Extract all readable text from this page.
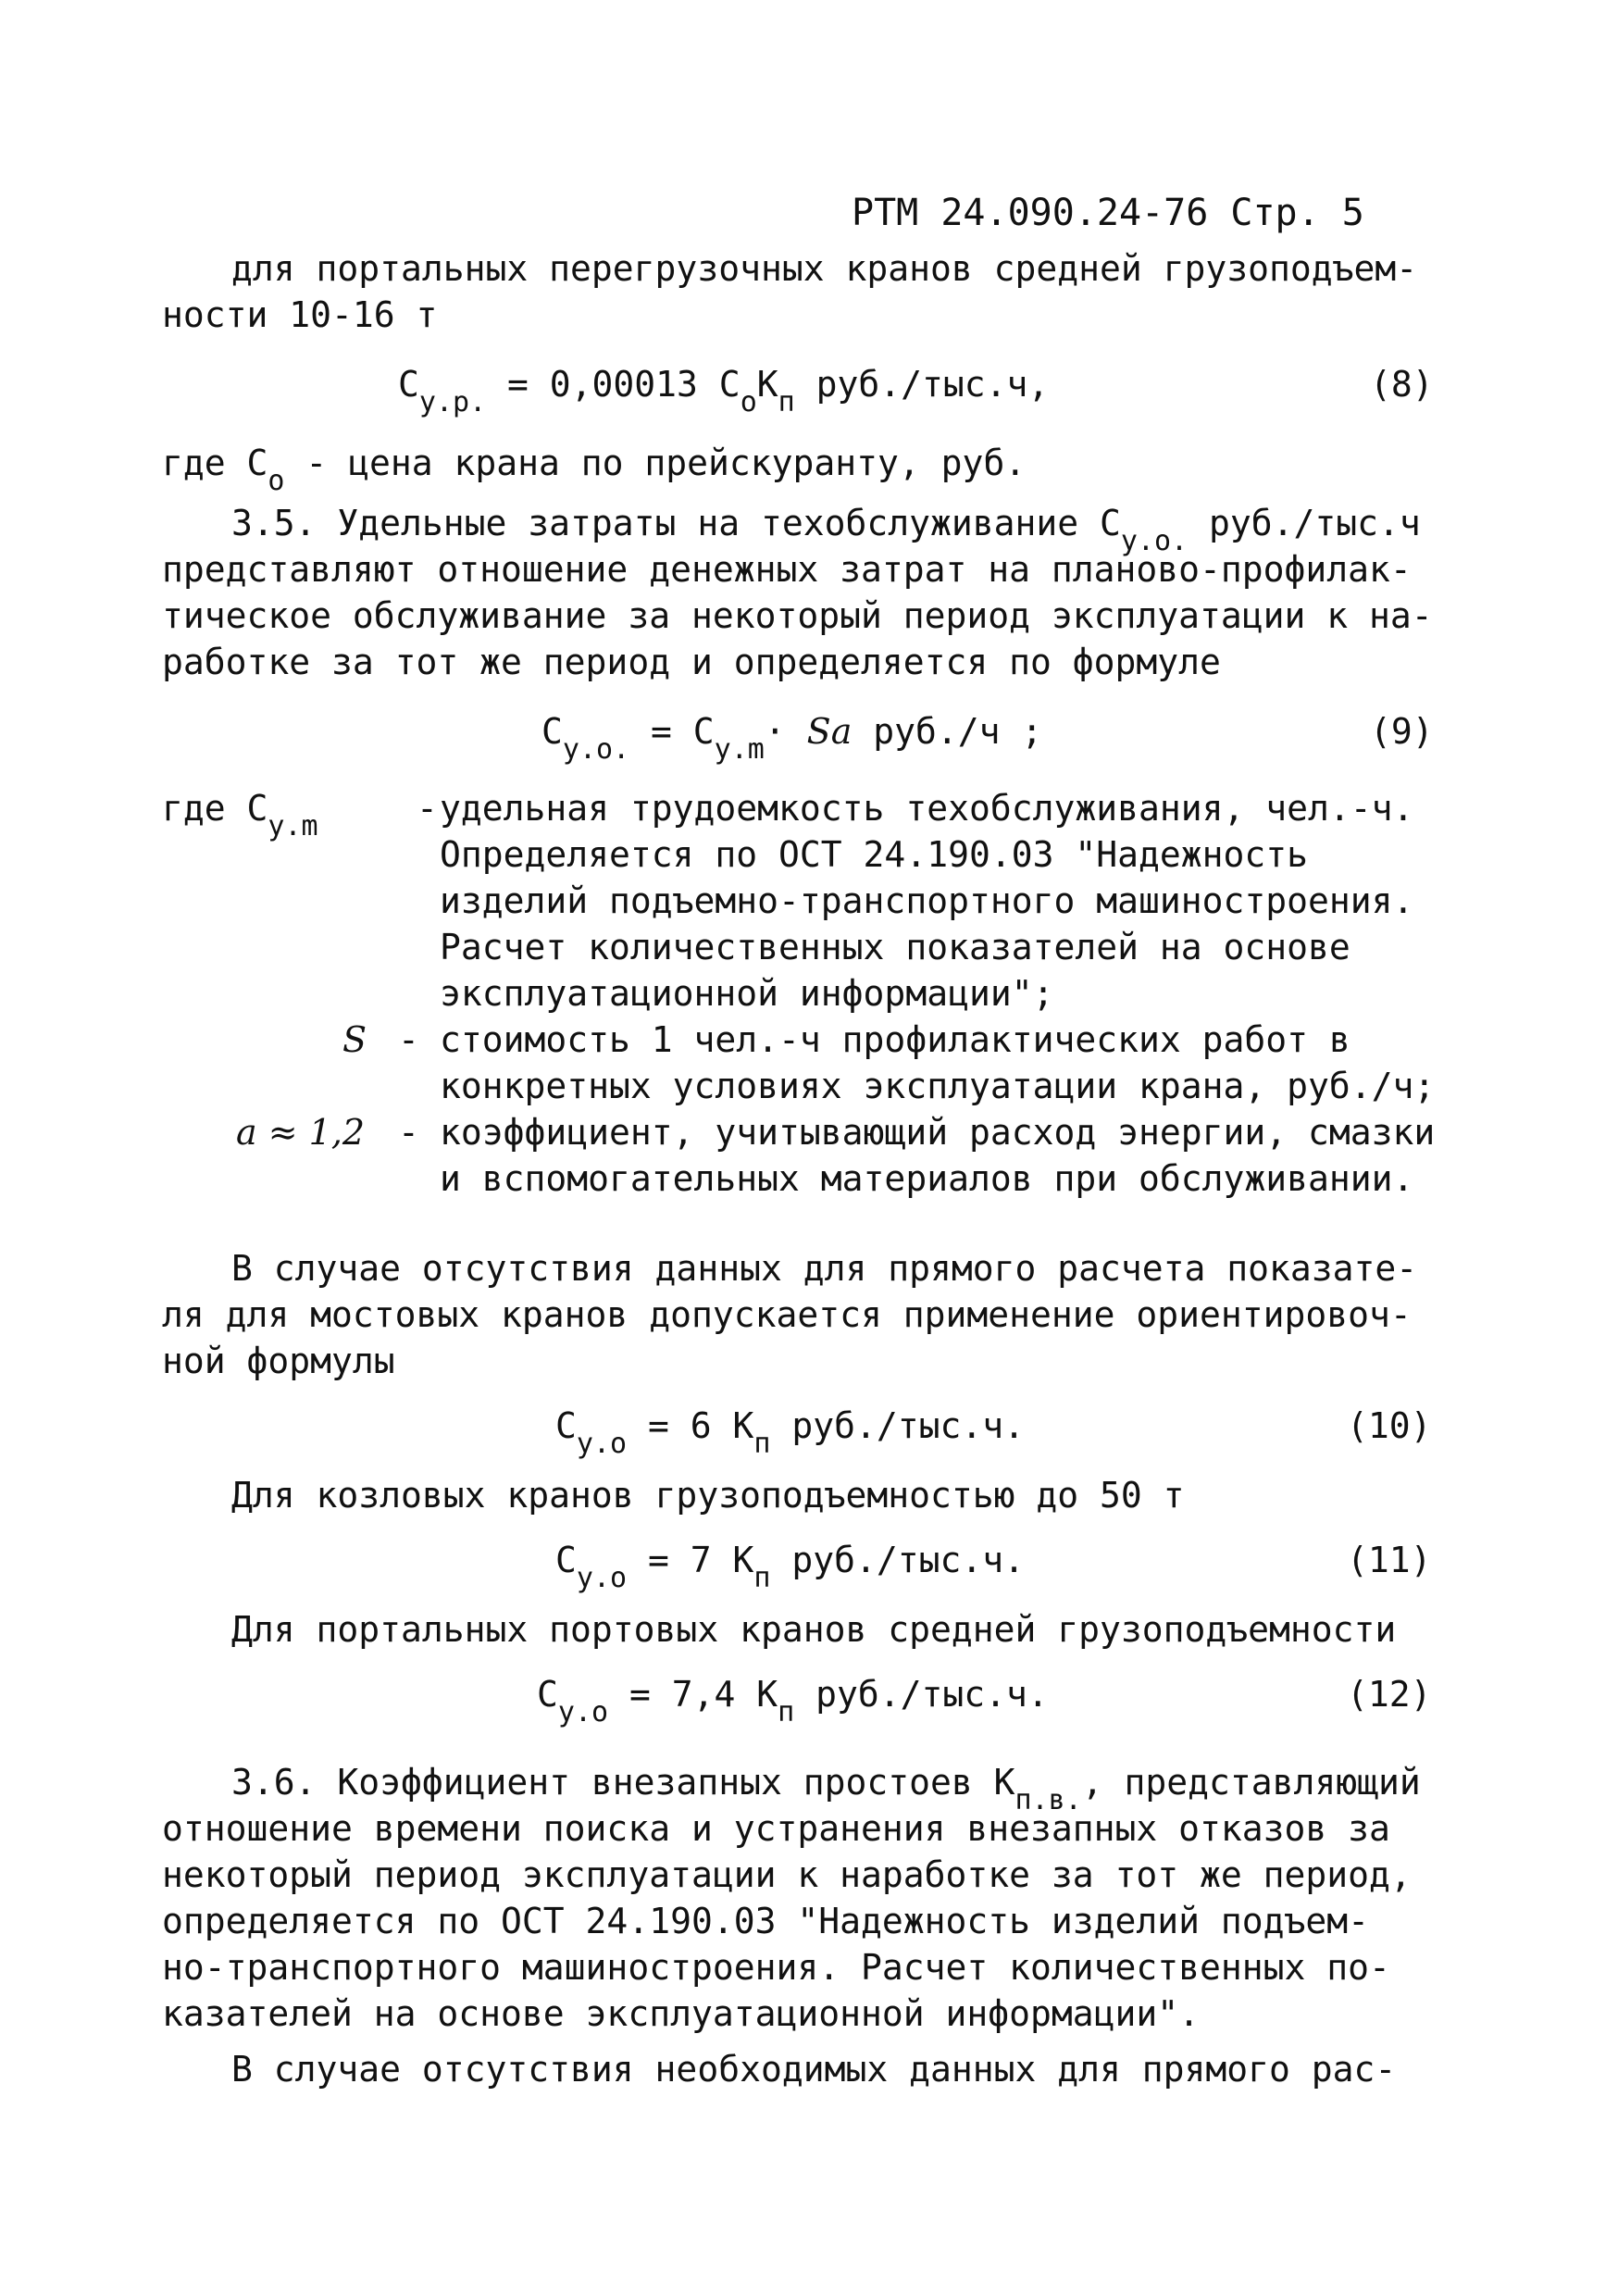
РТМ 24.090.24-76 Стр. 5
для портальных перегрузочных кранов средней грузоподъем-
ности 10-16 т
$С_{у.р.} = 0,00013$ $С_оК_п$ руб./тыс.ч,	(8)
где $С_о$ - цена крана по прейскуранту, руб.
3.5. Удельные затраты на техобслуживание $С_{у.о.}$ руб./тыс.ч
представляют отношение денежных затрат на планово-профилак-
тическое обслуживание за некоторый период эксплуатации к на-
работке за тот же период и определяется по формуле
$С_{у.о.} = С_{у.m}\cdot Sa$ руб./ч ;	(9)
где $С_{у.m}$	- удельная трудоемкость техобслуживания, чел.-ч.
Определяется по ОСТ 24.190.03 "Надежность
изделий подъемно-транспортного машиностроения.
Расчет количественных показателей на основе
эксплуатационной информации";
S - стоимость 1 чел.-ч профилактических работ в
конкретных условиях эксплуатации крана, руб./ч;
a ≈ 1,2 - коэффициент, учитывающий расход энергии, смазки
и вспомогательных материалов при обслуживании.
В случае отсутствия данных для прямого расчета показате-
ля для мостовых кранов допускается применение ориентировоч-
ной формулы
$С_{у.о} = 6$ $К_п$ руб./тыс.ч.	(10)
Для козловых кранов грузоподъемностью до 50 т
$С_{у.о} = 7$ $К_п$ руб./тыс.ч.	(11)
Для портальных портовых кранов средней грузоподъемности
$С_{у.о} = 7,4$ $К_п$ руб./тыс.ч.	(12)
3.6. Коэффициент внезапных простоев $К_{п.в.}$, представляющий
отношение времени поиска и устранения внезапных отказов за
некоторый период эксплуатации к наработке за тот же период,
определяется по ОСТ 24.190.03 "Надежность изделий подъем-
но-транспортного машиностроения. Расчет количественных по-
казателей на основе эксплуатационной информации".
В случае отсутствия необходимых данных для прямого рас-
